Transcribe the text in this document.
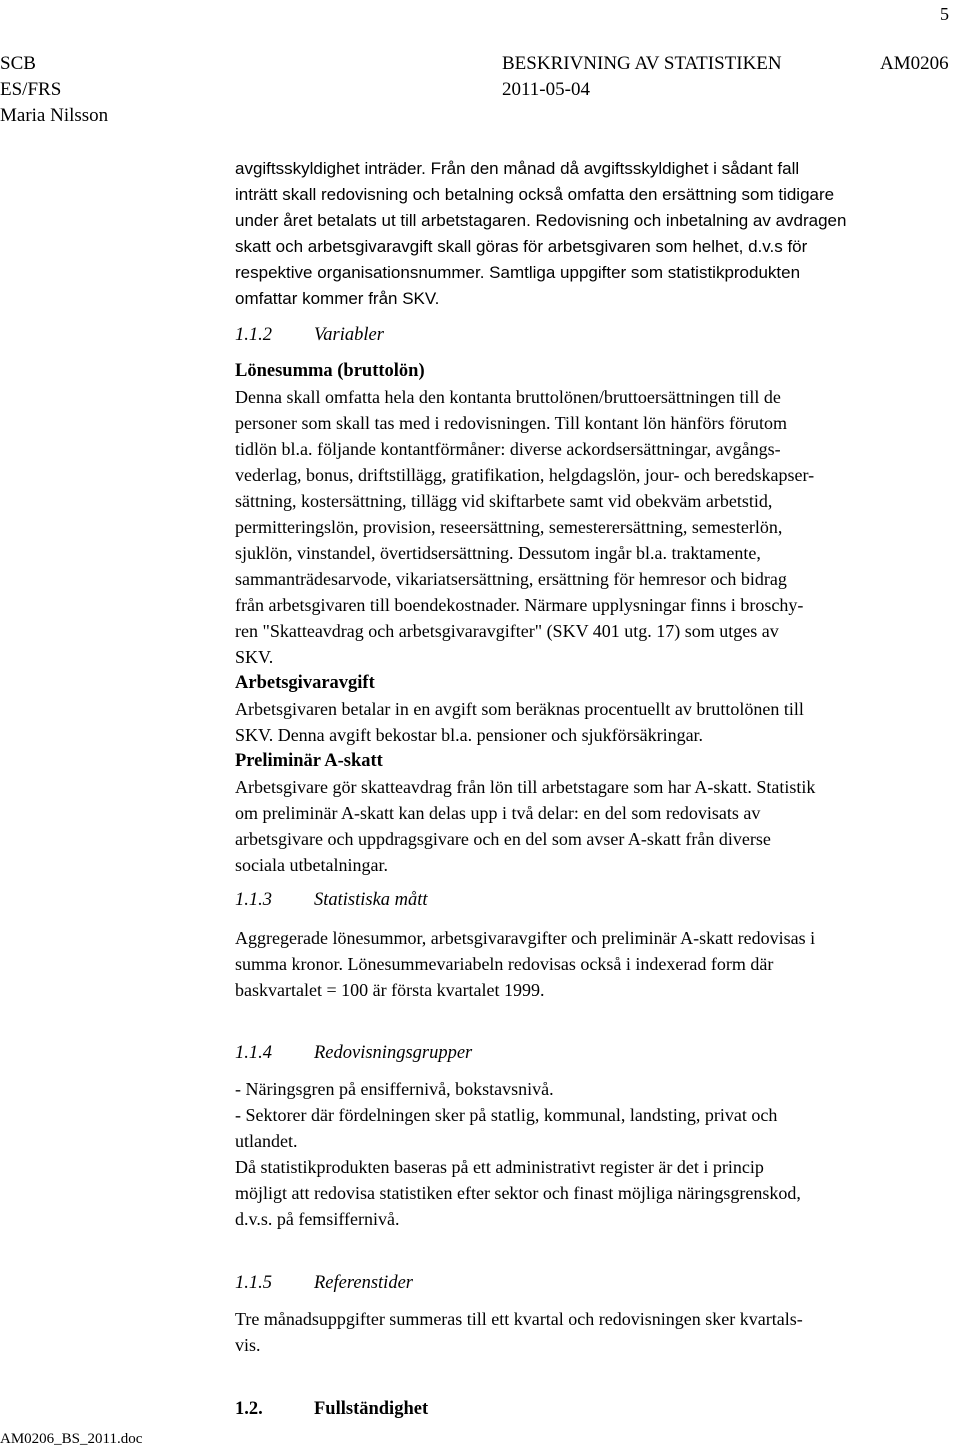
5
SCB
ES/FRS
Maria Nilsson
BESKRIVNING AV STATISTIKEN	AM0206
2011-05-04
avgiftsskyldighet inträder. Från den månad då avgiftsskyldighet i sådant fall
inträtt skall redovisning och betalning också omfatta den ersättning som tidigare
under året betalats ut till arbetstagaren. Redovisning och inbetalning av avdragen
skatt och arbetsgivaravgift skall göras för arbetsgivaren som helhet, d.v.s för
respektive organisationsnummer. Samtliga uppgifter som statistikprodukten
omfattar kommer från SKV.
1.1.2 Variabler
Lönesumma (bruttolön)
Denna skall omfatta hela den kontanta bruttolönen/bruttoersättningen till de
personer som skall tas med i redovisningen. Till kontant lön hänförs förutom
tidlön bl.a. följande kontantförmåner: diverse ackordsersättningar, avgångs-
vederlag, bonus, driftstillägg, gratifikation, helgdagslön, jour- och beredskapser-
sättning, kostersättning, tillägg vid skiftarbete samt vid obekväm arbetstid,
permitteringslön, provision, reseersättning, semesterersättning, semesterlön,
sjuklön, vinstandel, övertidsersättning. Dessutom ingår bl.a. traktamente,
sammanträdesarvode, vikariatsersättning, ersättning för hemresor och bidrag
från arbetsgivaren till boendekostnader. Närmare upplysningar finns i broschy-
ren "Skatteavdrag och arbetsgivaravgifter" (SKV 401 utg. 17) som utges av
SKV.
Arbetsgivaravgift
Arbetsgivaren betalar in en avgift som beräknas procentuellt av bruttolönen till
SKV. Denna avgift bekostar bl.a. pensioner och sjukförsäkringar.
Preliminär A-skatt
Arbetsgivare gör skatteavdrag från lön till arbetstagare som har A-skatt. Statistik
om preliminär A-skatt kan delas upp i två delar: en del som redovisats av
arbetsgivare och uppdragsgivare och en del som avser A-skatt från diverse
sociala utbetalningar.
1.1.3 Statistiska mått
Aggregerade lönesummor, arbetsgivaravgifter och preliminär A-skatt redovisas i
summa kronor. Lönesummevariabeln redovisas också i indexerad form där
baskvartalet = 100 är första kvartalet 1999.
1.1.4 Redovisningsgrupper
- Näringsgren på ensiffernivå, bokstavsnivå.
- Sektorer där fördelningen sker på statlig, kommunal, landsting, privat och
utlandet.
Då statistikprodukten baseras på ett administrativt register är det i princip
möjligt att redovisa statistiken efter sektor och finast möjliga näringsgrenskod,
d.v.s. på femsiffernivå.
1.1.5 Referenstider
Tre månadsuppgifter summeras till ett kvartal och redovisningen sker kvartals-
vis.
1.2.	Fullständighet
AM0206_BS_2011.doc
